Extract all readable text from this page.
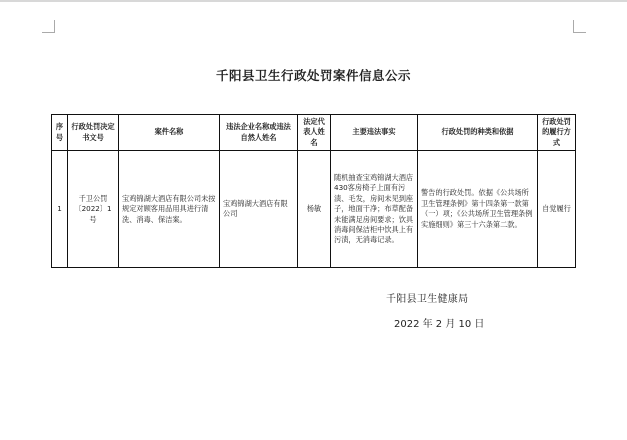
千阳县卫生行政处罚案件信息公示
序号	行政处罚决定书文号	案件名称	违法企业名称或违法自然人姓名	法定代表人姓名	主要违法事实	行政处罚的种类和依据	行政处罚的履行方式
1	千卫公罚〔2022〕1号	宝鸡锦湖大酒店有限公司未按规定对顾客用品用具进行清洗、消毒、保洁案。	宝鸡锦湖大酒店有限公司	杨敏	随机抽查宝鸡锦湖大酒店430客房椅子上面有污渍、毛发，房间未见到座子，地面干净；布草配备未能满足房间要求；饮具消毒间保洁柜中饮具上有污渍，无消毒记录。	警告的行政处罚。依据《公共场所卫生管理条例》第十四条第一款第（一）项；《公共场所卫生管理条例实施细则》第三十六条第二款。	自觉履行
千阳县卫生健康局
2022 年 2 月 10 日
